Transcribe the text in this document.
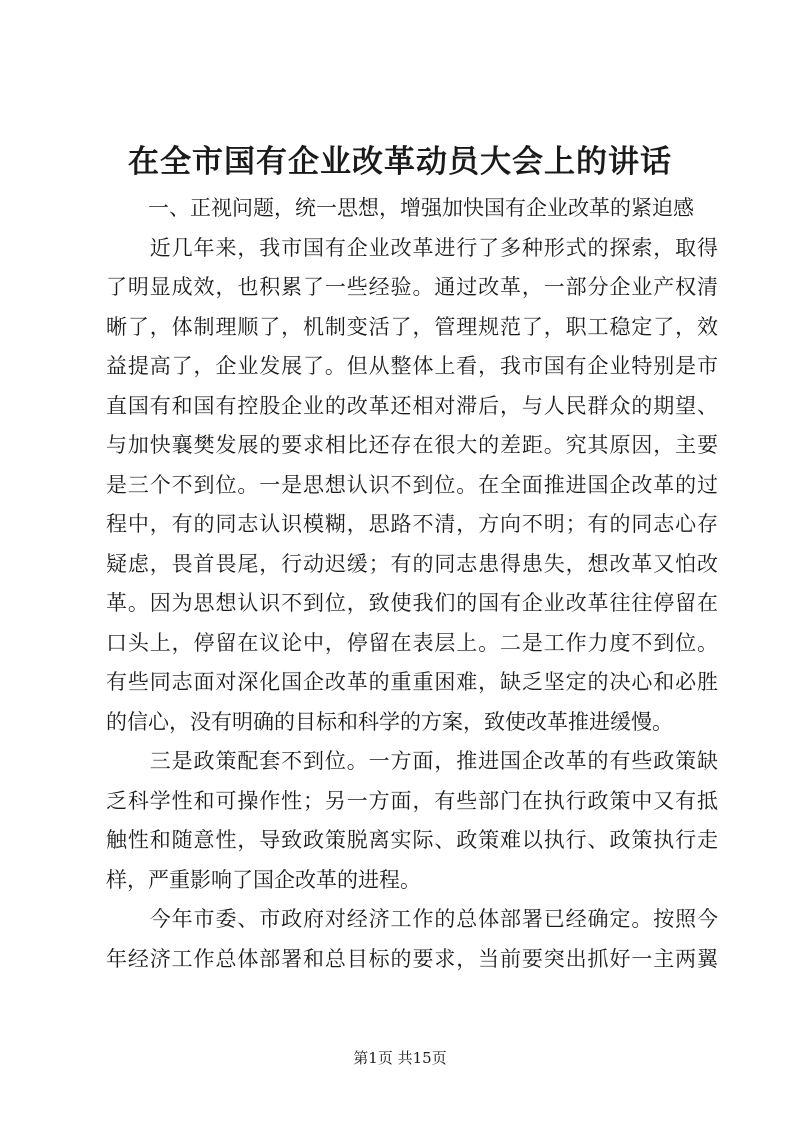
在全市国有企业改革动员大会上的讲话
　　一、正视问题，统一思想，增强加快国有企业改革的紧迫感
　　近几年来，我市国有企业改革进行了多种形式的探索，取得
了明显成效，也积累了一些经验。通过改革，一部分企业产权清
晰了，体制理顺了，机制变活了，管理规范了，职工稳定了，效
益提高了，企业发展了。但从整体上看，我市国有企业特别是市
直国有和国有控股企业的改革还相对滞后，与人民群众的期望、
与加快襄樊发展的要求相比还存在很大的差距。究其原因，主要
是三个不到位。一是思想认识不到位。在全面推进国企改革的过
程中，有的同志认识模糊，思路不清，方向不明；有的同志心存
疑虑，畏首畏尾，行动迟缓；有的同志患得患失，想改革又怕改
革。因为思想认识不到位，致使我们的国有企业改革往往停留在
口头上，停留在议论中，停留在表层上。二是工作力度不到位。
有些同志面对深化国企改革的重重困难，缺乏坚定的决心和必胜
的信心，没有明确的目标和科学的方案，致使改革推进缓慢。
　　三是政策配套不到位。一方面，推进国企改革的有些政策缺
乏科学性和可操作性；另一方面，有些部门在执行政策中又有抵
触性和随意性，导致政策脱离实际、政策难以执行、政策执行走
样，严重影响了国企改革的进程。
　　今年市委、市政府对经济工作的总体部署已经确定。按照今
年经济工作总体部署和总目标的要求，当前要突出抓好一主两翼
第1页 共15页
